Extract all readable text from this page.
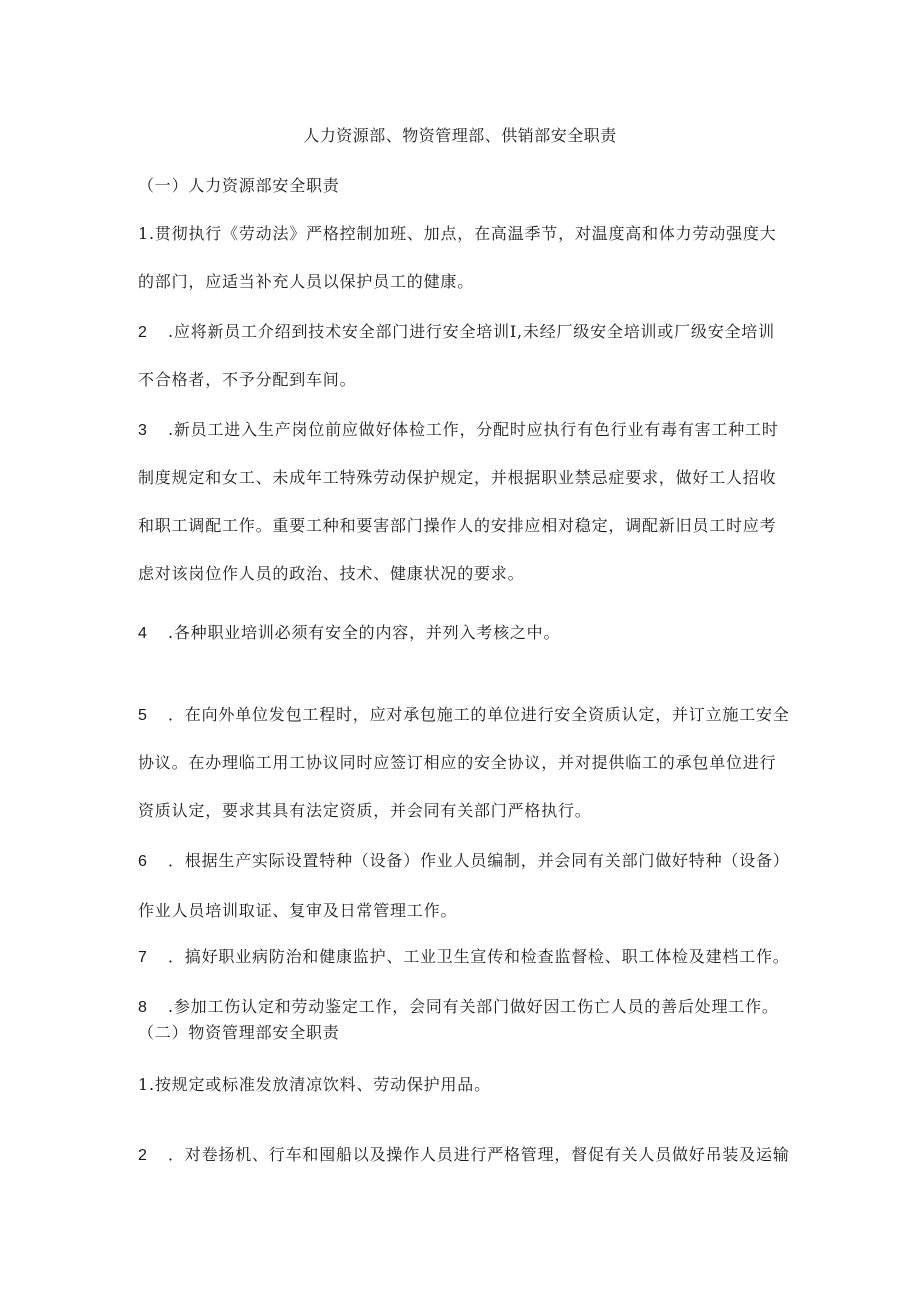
人力资源部、物资管理部、供销部安全职责
（一）人力资源部安全职责
1.贯彻执行《劳动法》严格控制加班、加点，在高温季节，对温度高和体力劳动强度大
的部门，应适当补充人员以保护员工的健康。
2 .应将新员工介绍到技术安全部门进行安全培训I,未经厂级安全培训或厂级安全培训
不合格者，不予分配到车间。
3 .新员工进入生产岗位前应做好体检工作，分配时应执行有色行业有毒有害工种工时
制度规定和女工、未成年工特殊劳动保护规定，并根据职业禁忌症要求，做好工人招收
和职工调配工作。重要工种和要害部门操作人的安排应相对稳定，调配新旧员工时应考
虑对该岗位作人员的政治、技术、健康状况的要求。
4 .各种职业培训必须有安全的内容，并列入考核之中。
5 ．在向外单位发包工程时，应对承包施工的单位进行安全资质认定，并订立施工安全
协议。在办理临工用工协议同时应签订相应的安全协议，并对提供临工的承包单位进行
资质认定，要求其具有法定资质，并会同有关部门严格执行。
6 ．根据生产实际设置特种（设备）作业人员编制，并会同有关部门做好特种（设备）
作业人员培训取证、复审及日常管理工作。
7 ．搞好职业病防治和健康监护、工业卫生宣传和检查监督检、职工体检及建档工作。
8 .参加工伤认定和劳动鉴定工作，会同有关部门做好因工伤亡人员的善后处理工作。
（二）物资管理部安全职责
1.按规定或标准发放清凉饮料、劳动保护用品。
2 ．对卷扬机、行车和囤船以及操作人员进行严格管理，督促有关人员做好吊装及运输
